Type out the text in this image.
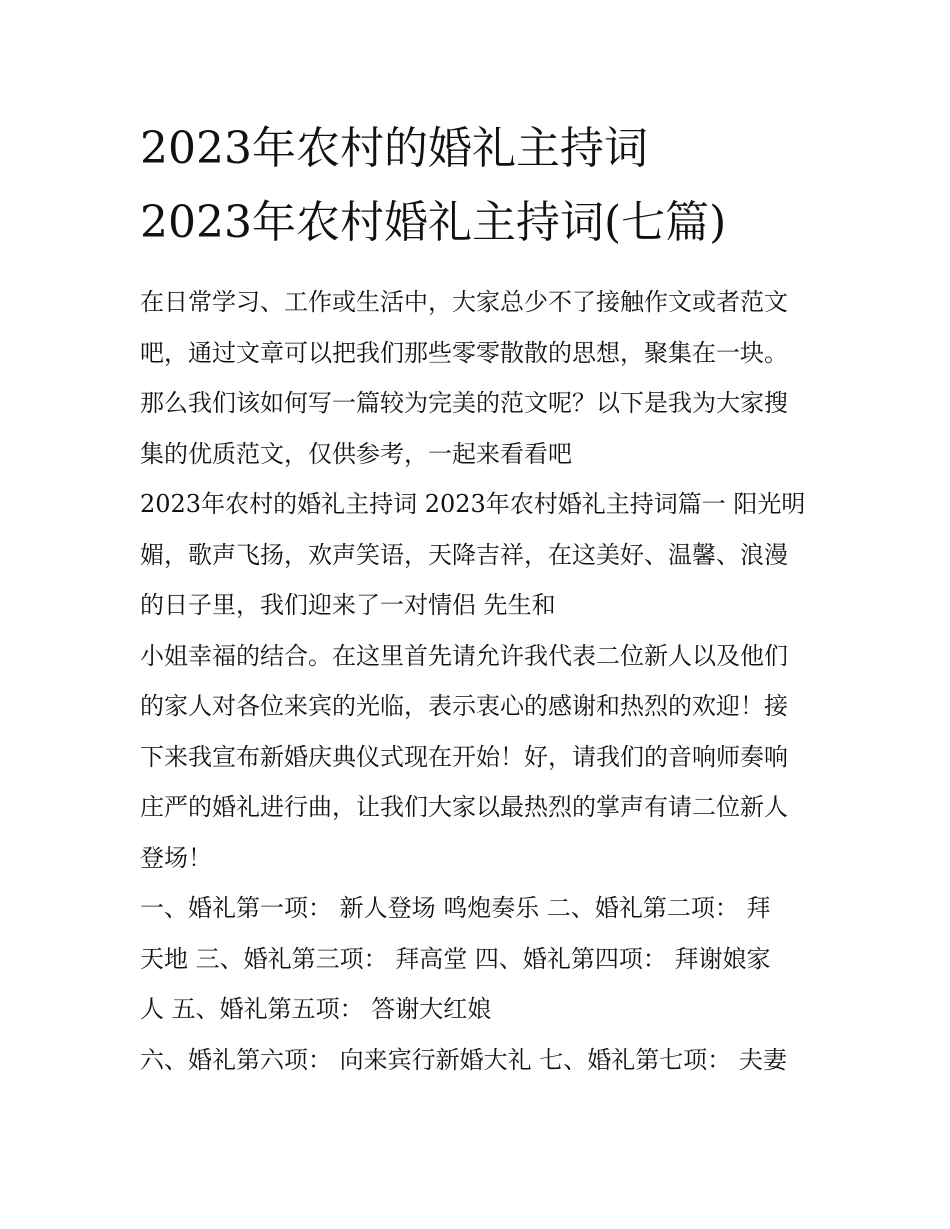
2023年农村的婚礼主持词
2023年农村婚礼主持词(七篇)
在日常学习、工作或生活中，大家总少不了接触作文或者范文
吧，通过文章可以把我们那些零零散散的思想，聚集在一块。
那么我们该如何写一篇较为完美的范文呢？以下是我为大家搜
集的优质范文，仅供参考，一起来看看吧
2023年农村的婚礼主持词 2023年农村婚礼主持词篇一 阳光明
媚，歌声飞扬，欢声笑语，天降吉祥，在这美好、温馨、浪漫
的日子里，我们迎来了一对情侣 先生和
小姐幸福的结合。在这里首先请允许我代表二位新人以及他们
的家人对各位来宾的光临，表示衷心的感谢和热烈的欢迎！接
下来我宣布新婚庆典仪式现在开始！好，请我们的音响师奏响
庄严的婚礼进行曲，让我们大家以最热烈的掌声有请二位新人
登场！
一、婚礼第一项： 新人登场 鸣炮奏乐 二、婚礼第二项： 拜
天地 三、婚礼第三项： 拜高堂 四、婚礼第四项： 拜谢娘家
人 五、婚礼第五项： 答谢大红娘
六、婚礼第六项： 向来宾行新婚大礼 七、婚礼第七项： 夫妻
